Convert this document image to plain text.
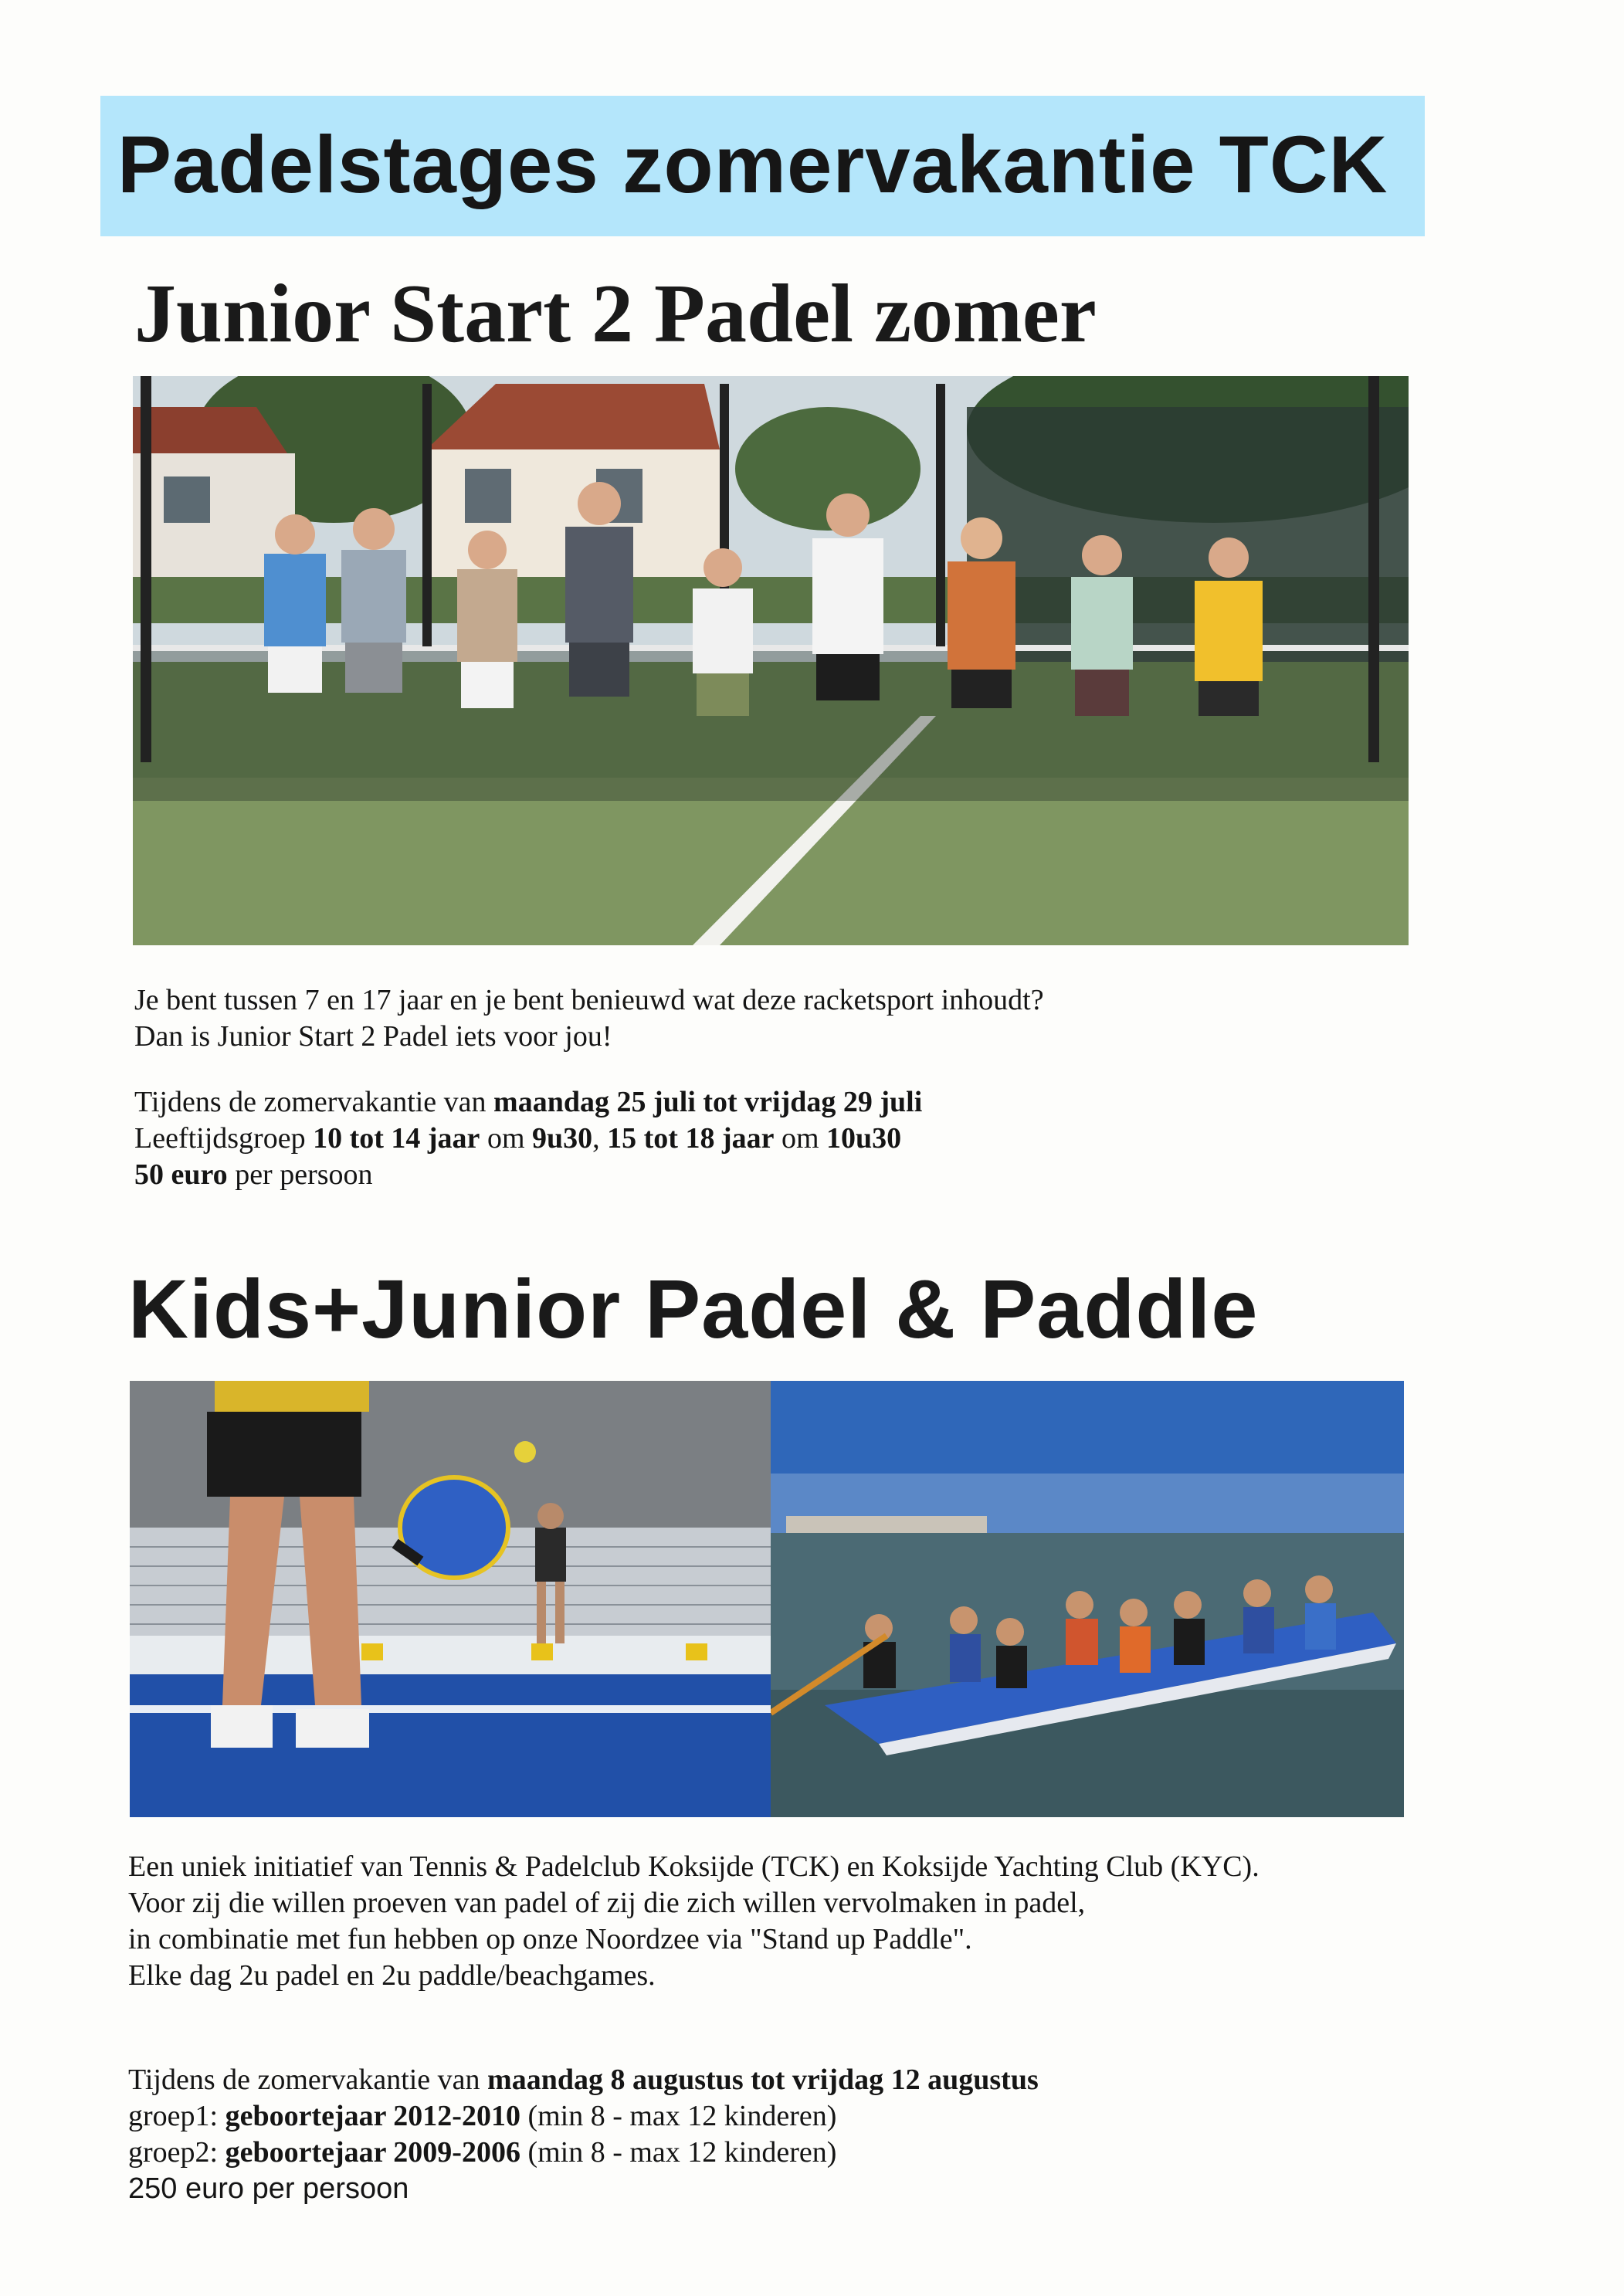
Padelstages zomervakantie TCK
Junior Start 2 Padel zomer
Je bent tussen 7 en 17 jaar en je bent benieuwd wat deze racketsport inhoudt?
Dan is Junior Start 2 Padel iets voor jou!
Tijdens de zomervakantie van maandag 25 juli tot vrijdag 29 juli
Leeftijdsgroep 10 tot 14 jaar om 9u30, 15 tot 18 jaar om 10u30
50 euro per persoon
Kids+Junior Padel & Paddle
Een uniek initiatief van Tennis & Padelclub Koksijde (TCK) en Koksijde Yachting Club (KYC).
Voor zij die willen proeven van padel of zij die zich willen vervolmaken in padel,
in combinatie met fun hebben op onze Noordzee via "Stand up Paddle".
Elke dag 2u padel en 2u paddle/beachgames.
Tijdens de zomervakantie van maandag 8 augustus tot vrijdag 12 augustus
groep1: geboortejaar 2012-2010 (min 8 - max 12 kinderen)
groep2: geboortejaar 2009-2006 (min 8 - max 12 kinderen)
250 euro per persoon
